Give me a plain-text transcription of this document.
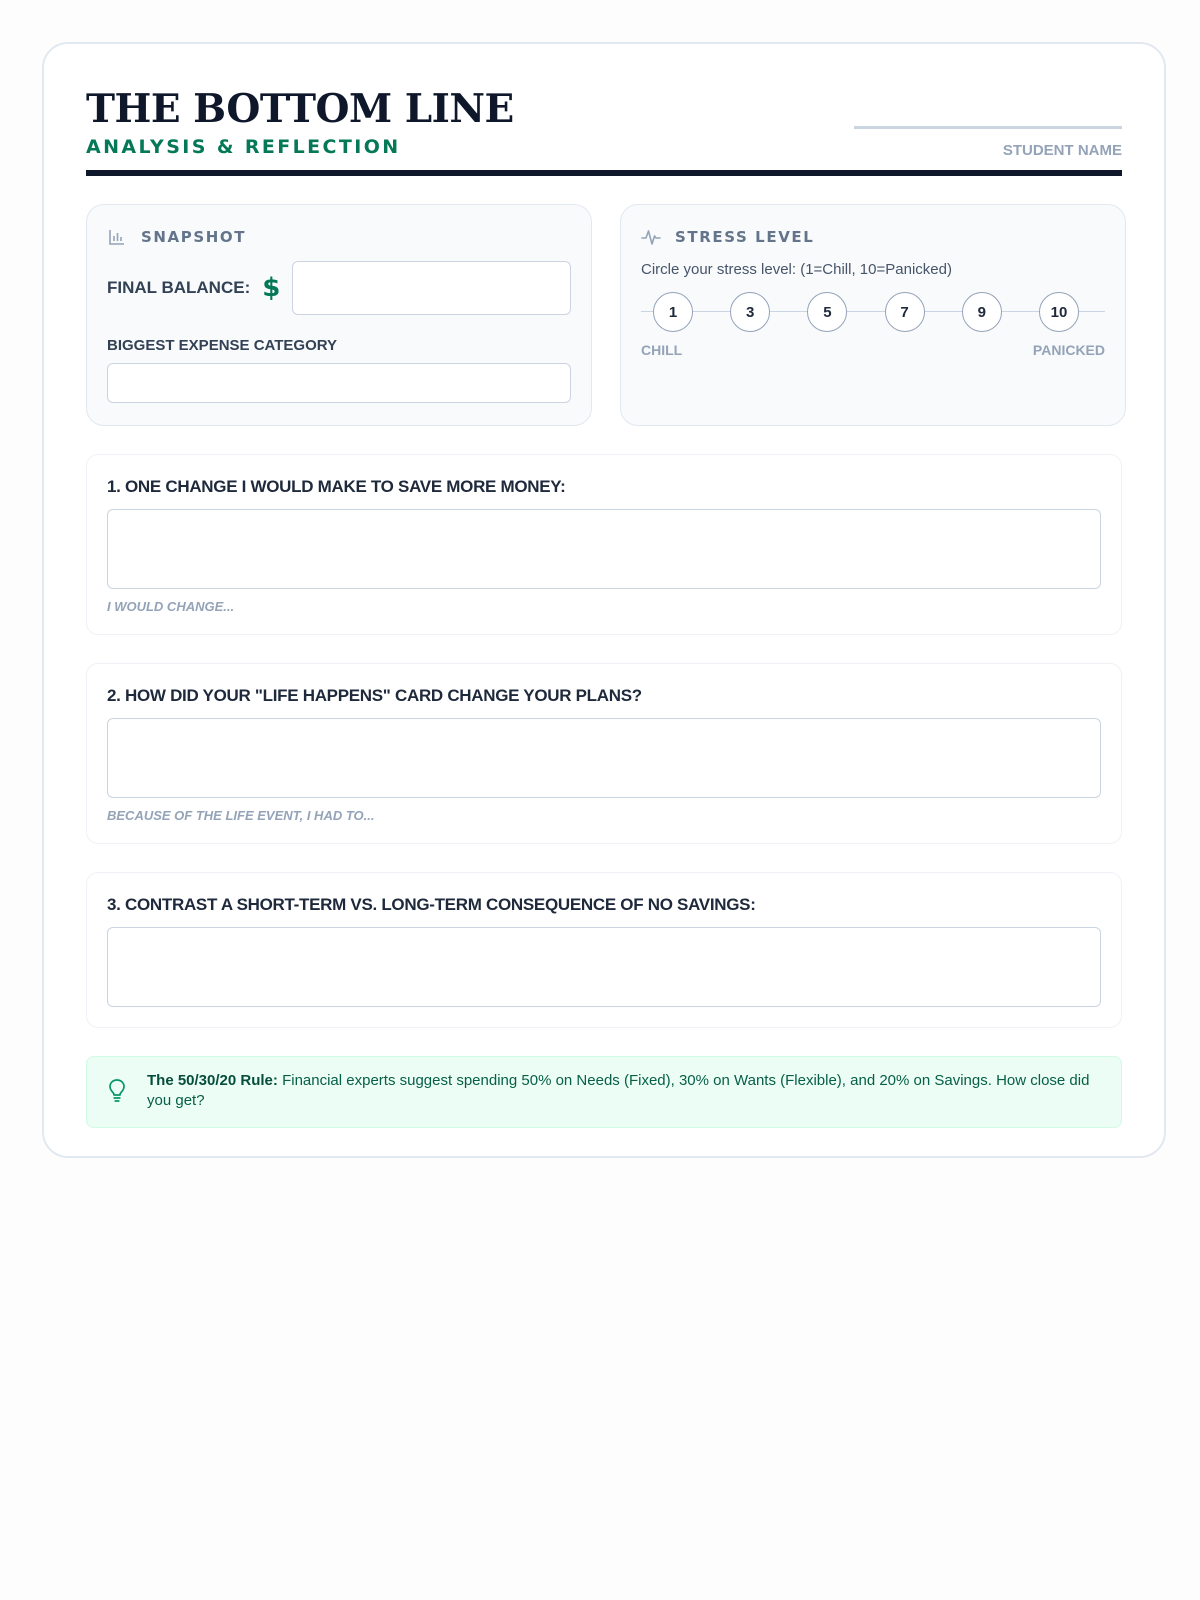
THE BOTTOM LINE
ANALYSIS & REFLECTION	STUDENT NAME
SNAPSHOT
FINAL BALANCE: $
BIGGEST EXPENSE CATEGORY
STRESS LEVEL
Circle your stress level: (1=Chill, 10=Panicked)
1	3	5	7	9	10
CHILL	PANICKED
1. ONE CHANGE I WOULD MAKE TO SAVE MORE MONEY:
I WOULD CHANGE...
2. HOW DID YOUR "LIFE HAPPENS" CARD CHANGE YOUR PLANS?
BECAUSE OF THE LIFE EVENT, I HAD TO...
3. CONTRAST A SHORT-TERM VS. LONG-TERM CONSEQUENCE OF NO SAVINGS:
The 50/30/20 Rule: Financial experts suggest spending 50% on Needs (Fixed), 30% on Wants (Flexible), and 20% on Savings. How close did you get?
